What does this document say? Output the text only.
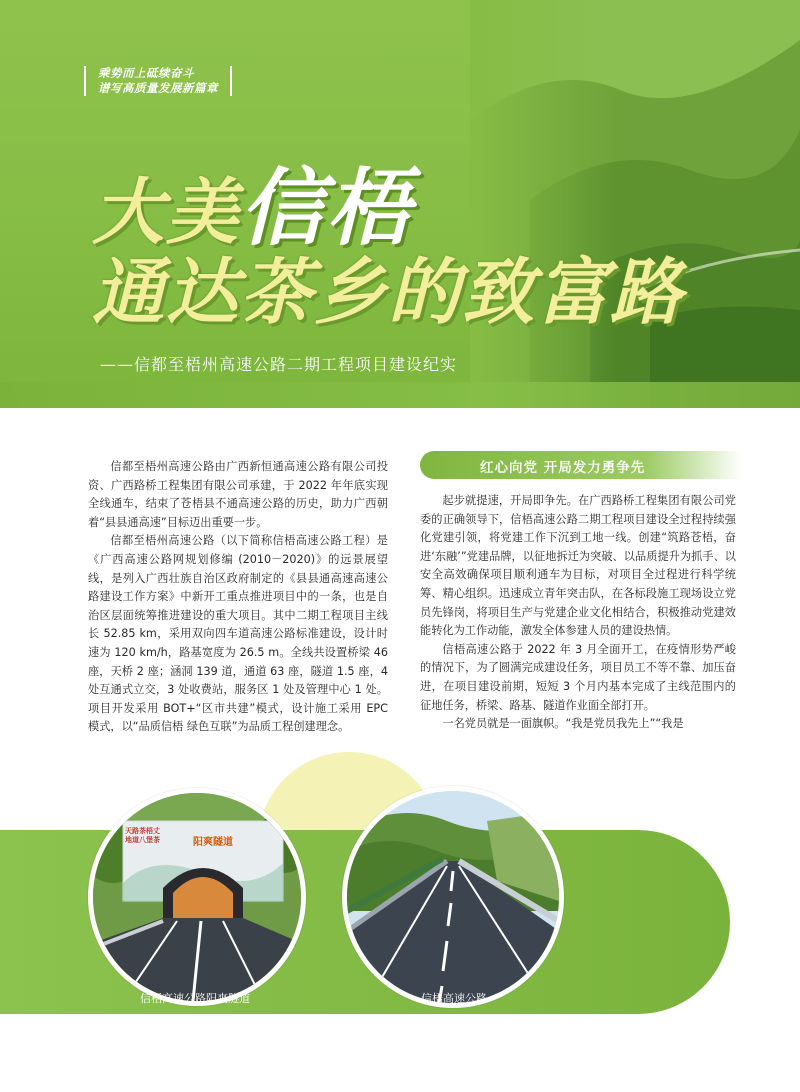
乘势而上砥续奋斗
谱写高质量发展新篇章
大美信梧
通达茶乡的致富路
——信都至梧州高速公路二期工程项目建设纪实

信都至梧州高速公路由广西新恒通高速公路有限公司投资、广西路桥工程集团有限公司承建，于 2022 年年底实现全线通车，结束了苍梧县不通高速公路的历史，助力广西朝着“县县通高速”目标迈出重要一步。

信都至梧州高速公路（以下简称信梧高速公路工程）是《广西高速公路网规划修编 (2010－2020)》的远景展望线，是列入广西壮族自治区政府制定的《县县通高速高速公路建设工作方案》中新开工重点推进项目中的一条，也是自治区层面统筹推进建设的重大项目。其中二期工程项目主线长 52.85 km，采用双向四车道高速公路标准建设，设计时速为 120 km/h，路基宽度为 26.5 m。全线共设置桥梁 46 座，天桥 2 座；涵洞 139 道，通道 63 座，隧道 1.5 座，4 处互通式立交，3 处收费站，服务区 1 处及管理中心 1 处。项目开发采用 BOT+“区市共建”模式，设计施工采用 EPC 模式，以“品质信梧 绿色互联”为品质工程创建理念。

红心向党 开局发力勇争先

起步就提速，开局即争先。在广西路桥工程集团有限公司党委的正确领导下，信梧高速公路二期工程项目建设全过程持续强化党建引领，将党建工作下沉到工地一线。创建“筑路苍梧，奋进‘东融’”党建品牌，以征地拆迁为突破、以品质提升为抓手、以安全高效确保项目顺利通车为目标，对项目全过程进行科学统筹、精心组织。迅速成立青年突击队，在各标段施工现场设立党员先锋岗，将项目生产与党建企业文化相结合，积极推动党建效能转化为工作动能，激发全体参建人员的建设热情。

信梧高速公路于 2022 年 3 月全面开工，在疫情形势严峻的情况下，为了圆满完成建设任务，项目员工不等不靠、加压奋进，在项目建设前期，短短 3 个月内基本完成了主线范围内的征地任务，桥梁、路基、隧道作业面全部打开。

一名党员就是一面旗帜。“我是党员我先上”“我是

天路茶梧丈
地道八堡茶	阳爽隧道
信梧高速公路阳爽隧道	信梧高速公路
